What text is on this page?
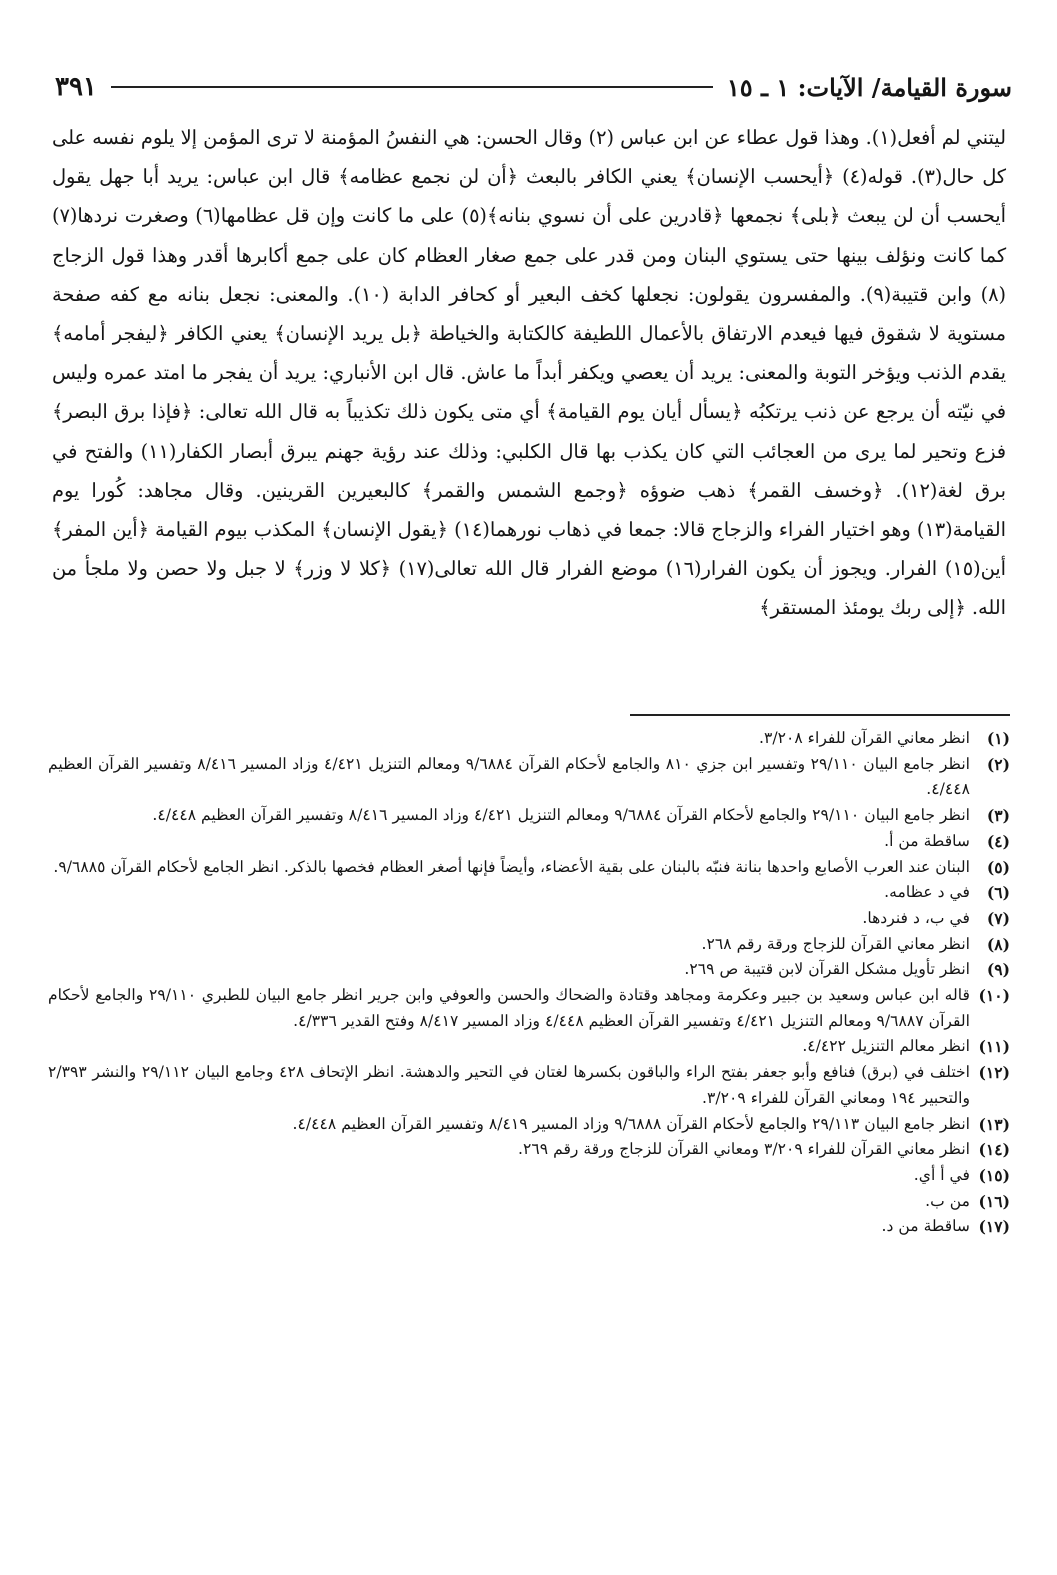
سورة القيامة/ الآيات: ١ ـ ١٥
٣٩١

ليتني لم أفعل(١). وهذا قول عطاء عن ابن عباس (٢) وقال الحسن: هي النفسُ المؤمنة لا ترى المؤمن إلا يلوم نفسه على كل حال(٣). قوله(٤) ﴿أيحسب الإنسان﴾ يعني الكافر بالبعث ﴿أن لن نجمع عظامه﴾ قال ابن عباس: يريد أبا جهل يقول أيحسب أن لن يبعث ﴿بلى﴾ نجمعها ﴿قادرين على أن نسوي بنانه﴾(٥) على ما كانت وإن قل عظامها(٦) وصغرت نردها(٧) كما كانت ونؤلف بينها حتى يستوي البنان ومن قدر على جمع صغار العظام كان على جمع أكابرها أقدر وهذا قول الزجاج (٨) وابن قتيبة(٩). والمفسرون يقولون: نجعلها كخف البعير أو كحافر الدابة (١٠). والمعنى: نجعل بنانه مع كفه صفحة مستوية لا شقوق فيها فيعدم الارتفاق بالأعمال اللطيفة كالكتابة والخياطة ﴿بل يريد الإنسان﴾ يعني الكافر ﴿ليفجر أمامه﴾ يقدم الذنب ويؤخر التوبة والمعنى: يريد أن يعصي ويكفر أبداً ما عاش. قال ابن الأنباري: يريد أن يفجر ما امتد عمره وليس في نيّته أن يرجع عن ذنب يرتكبُه ﴿يسأل أيان يوم القيامة﴾ أي متى يكون ذلك تكذيباً به قال الله تعالى: ﴿فإذا برق البصر﴾ فزع وتحير لما يرى من العجائب التي كان يكذب بها قال الكلبي: وذلك عند رؤية جهنم يبرق أبصار الكفار(١١) والفتح في برق لغة(١٢). ﴿وخسف القمر﴾ ذهب ضوؤه ﴿وجمع الشمس والقمر﴾ كالبعيرين القرينين. وقال مجاهد: كُورا يوم القيامة(١٣) وهو اختيار الفراء والزجاج قالا: جمعا في ذهاب نورهما(١٤) ﴿يقول الإنسان﴾ المكذب بيوم القيامة ﴿أين المفر﴾ أين(١٥) الفرار. ويجوز أن يكون الفرار(١٦) موضع الفرار قال الله تعالى(١٧) ﴿كلا لا وزر﴾ لا جبل ولا حصن ولا ملجأ من الله. ﴿إلى ربك يومئذ المستقر﴾

(١)
انظر معاني القرآن للفراء ٣/٢٠٨.
(٢)
انظر جامع البيان ٢٩/١١٠ وتفسير ابن جزي ٨١٠ والجامع لأحكام القرآن ٩/٦٨٨٤ ومعالم التنزيل ٤/٤٢١ وزاد المسير ٨/٤١٦ وتفسير القرآن العظيم ٤/٤٤٨.
(٣)
انظر جامع البيان ٢٩/١١٠ والجامع لأحكام القرآن ٩/٦٨٨٤ ومعالم التنزيل ٤/٤٢١ وزاد المسير ٨/٤١٦ وتفسير القرآن العظيم ٤/٤٤٨.
(٤)
ساقطة من أ.
(٥)
البنان عند العرب الأصابع واحدها بنانة فنبّه بالبنان على بقية الأعضاء، وأيضاً فإنها أصغر العظام فخصها بالذكر. انظر الجامع لأحكام القرآن ٩/٦٨٨٥.
(٦)
في د عظامه.
(٧)
في ب، د فنردها.
(٨)
انظر معاني القرآن للزجاج ورقة رقم ٢٦٨.
(٩)
انظر تأويل مشكل القرآن لابن قتيبة ص ٢٦٩.
(١٠)
قاله ابن عباس وسعيد بن جبير وعكرمة ومجاهد وقتادة والضحاك والحسن والعوفي وابن جرير انظر جامع البيان للطبري ٢٩/١١٠ والجامع لأحكام القرآن ٩/٦٨٨٧ ومعالم التنزيل ٤/٤٢١ وتفسير القرآن العظيم ٤/٤٤٨ وزاد المسير ٨/٤١٧ وفتح القدير ٤/٣٣٦.
(١١)
انظر معالم التنزيل ٤/٤٢٢.
(١٢)
اختلف في (برق) فنافع وأبو جعفر بفتح الراء والباقون بكسرها لغتان في التحير والدهشة. انظر الإتحاف ٤٢٨ وجامع البيان ٢٩/١١٢ والنشر ٢/٣٩٣ والتحبير ١٩٤ ومعاني القرآن للفراء ٣/٢٠٩.
(١٣)
انظر جامع البيان ٢٩/١١٣ والجامع لأحكام القرآن ٩/٦٨٨٨ وزاد المسير ٨/٤١٩ وتفسير القرآن العظيم ٤/٤٤٨.
(١٤)
انظر معاني القرآن للفراء ٣/٢٠٩ ومعاني القرآن للزجاج ورقة رقم ٢٦٩.
(١٥)
في أ أي.
(١٦)
من ب.
(١٧)
ساقطة من د.
